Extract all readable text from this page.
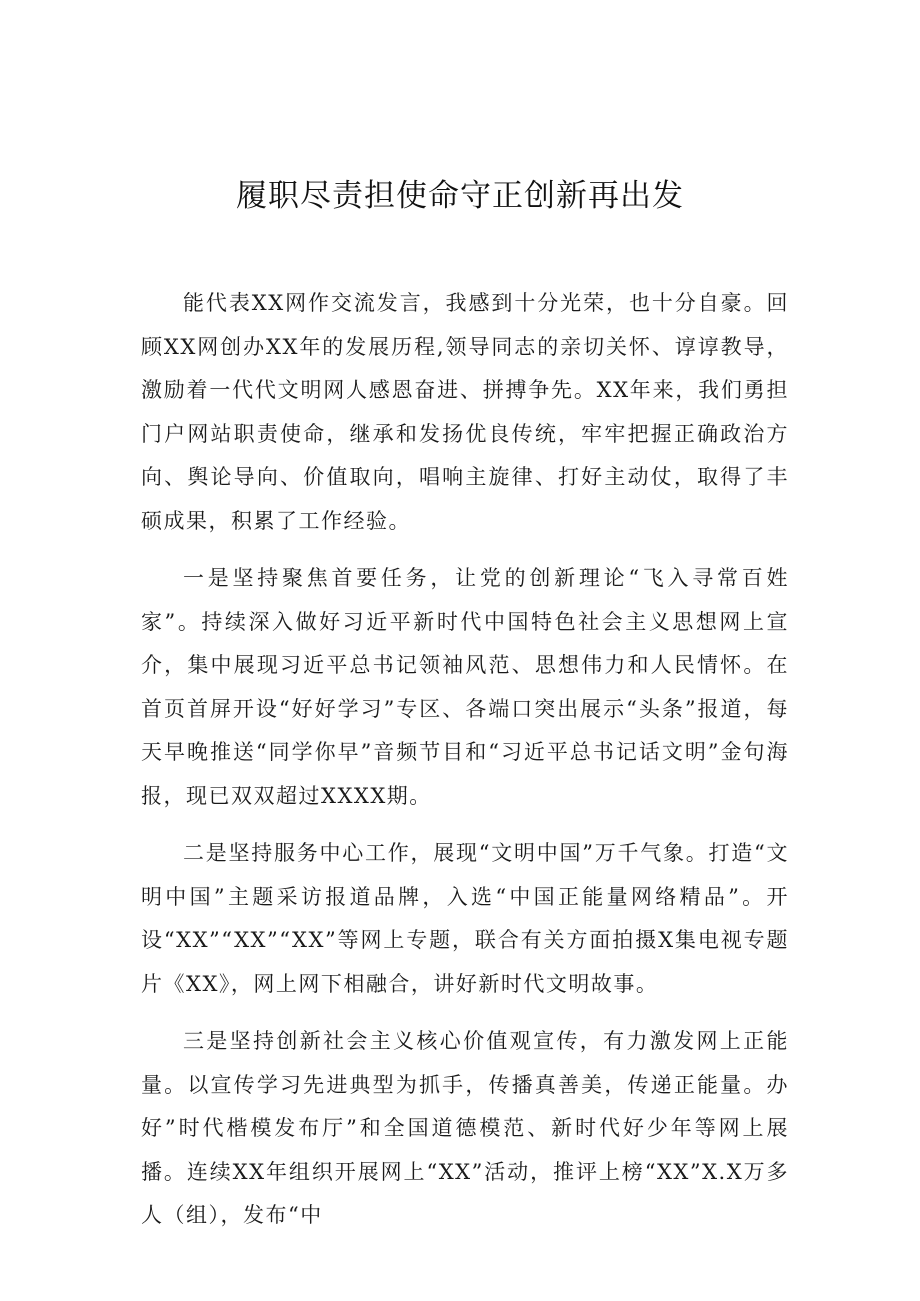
履职尽责担使命守正创新再出发

能代表XX网作交流发言，我感到十分光荣，也十分自豪。回顾XX网创办XX年的发展历程,领导同志的亲切关怀、谆谆教导，激励着一代代文明网人感恩奋进、拼搏争先。XX年来，我们勇担门户网站职责使命，继承和发扬优良传统，牢牢把握正确政治方向、舆论导向、价值取向，唱响主旋律、打好主动仗，取得了丰硕成果，积累了工作经验。

一是坚持聚焦首要任务，让党的创新理论“飞入寻常百姓家”。持续深入做好习近平新时代中国特色社会主义思想网上宣介，集中展现习近平总书记领袖风范、思想伟力和人民情怀。在首页首屏开设“好好学习”专区、各端口突出展示“头条”报道，每天早晚推送“同学你早”音频节目和“习近平总书记话文明”金句海报，现已双双超过XXXX期。

二是坚持服务中心工作，展现“文明中国”万千气象。打造“文明中国”主题采访报道品牌，入选“中国正能量网络精品”。开设“XX”“XX”“XX”等网上专题，联合有关方面拍摄X集电视专题片《XX》，网上网下相融合，讲好新时代文明故事。

三是坚持创新社会主义核心价值观宣传，有力激发网上正能量。以宣传学习先进典型为抓手，传播真善美，传递正能量。办好”时代楷模发布厅”和全国道德模范、新时代好少年等网上展播。连续XX年组织开展网上“XX”活动，推评上榜“XX”X.X万多人（组），发布“中
